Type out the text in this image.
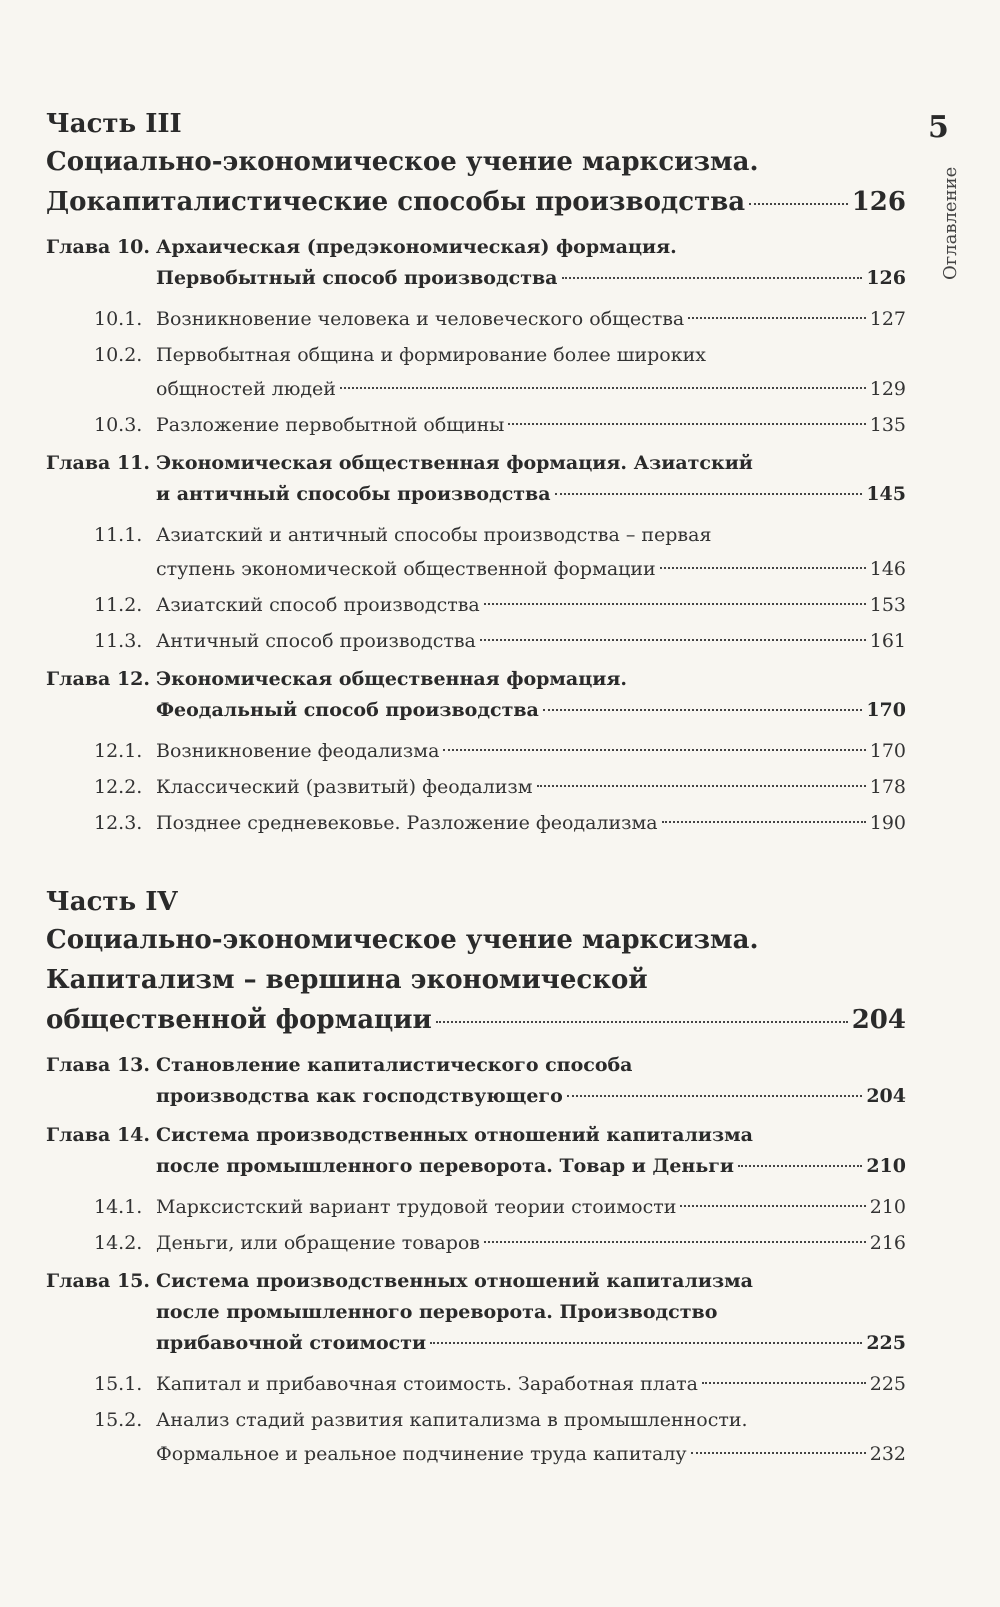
5
Оглавление
Часть III
Социально-экономическое учение марксизма.
Докапиталистические способы производства	126
Глава 10. Архаическая (предэкономическая) формация.
Первобытный способ производства	126
10.1. Возникновение человека и человеческого общества	127
10.2. Первобытная община и формирование более широких
общностей людей	129
10.3. Разложение первобытной общины	135
Глава 11. Экономическая общественная формация. Азиатский
и античный способы производства	145
11.1. Азиатский и античный способы производства – первая
ступень экономической общественной формации	146
11.2. Азиатский способ производства	153
11.3. Античный способ производства	161
Глава 12. Экономическая общественная формация.
Феодальный способ производства	170
12.1. Возникновение феодализма	170
12.2. Классический (развитый) феодализм	178
12.3. Позднее средневековье. Разложение феодализма	190
Часть IV
Социально-экономическое учение марксизма.
Капитализм – вершина экономической
общественной формации	204
Глава 13. Становление капиталистического способа
производства как господствующего	204
Глава 14. Система производственных отношений капитализма
после промышленного переворота. Товар и Деньги	210
14.1. Марксистский вариант трудовой теории стоимости	210
14.2. Деньги, или обращение товаров	216
Глава 15. Система производственных отношений капитализма
после промышленного переворота. Производство
прибавочной стоимости	225
15.1. Капитал и прибавочная стоимость. Заработная плата	225
15.2. Анализ стадий развития капитализма в промышленности.
Формальное и реальное подчинение труда капиталу	232
